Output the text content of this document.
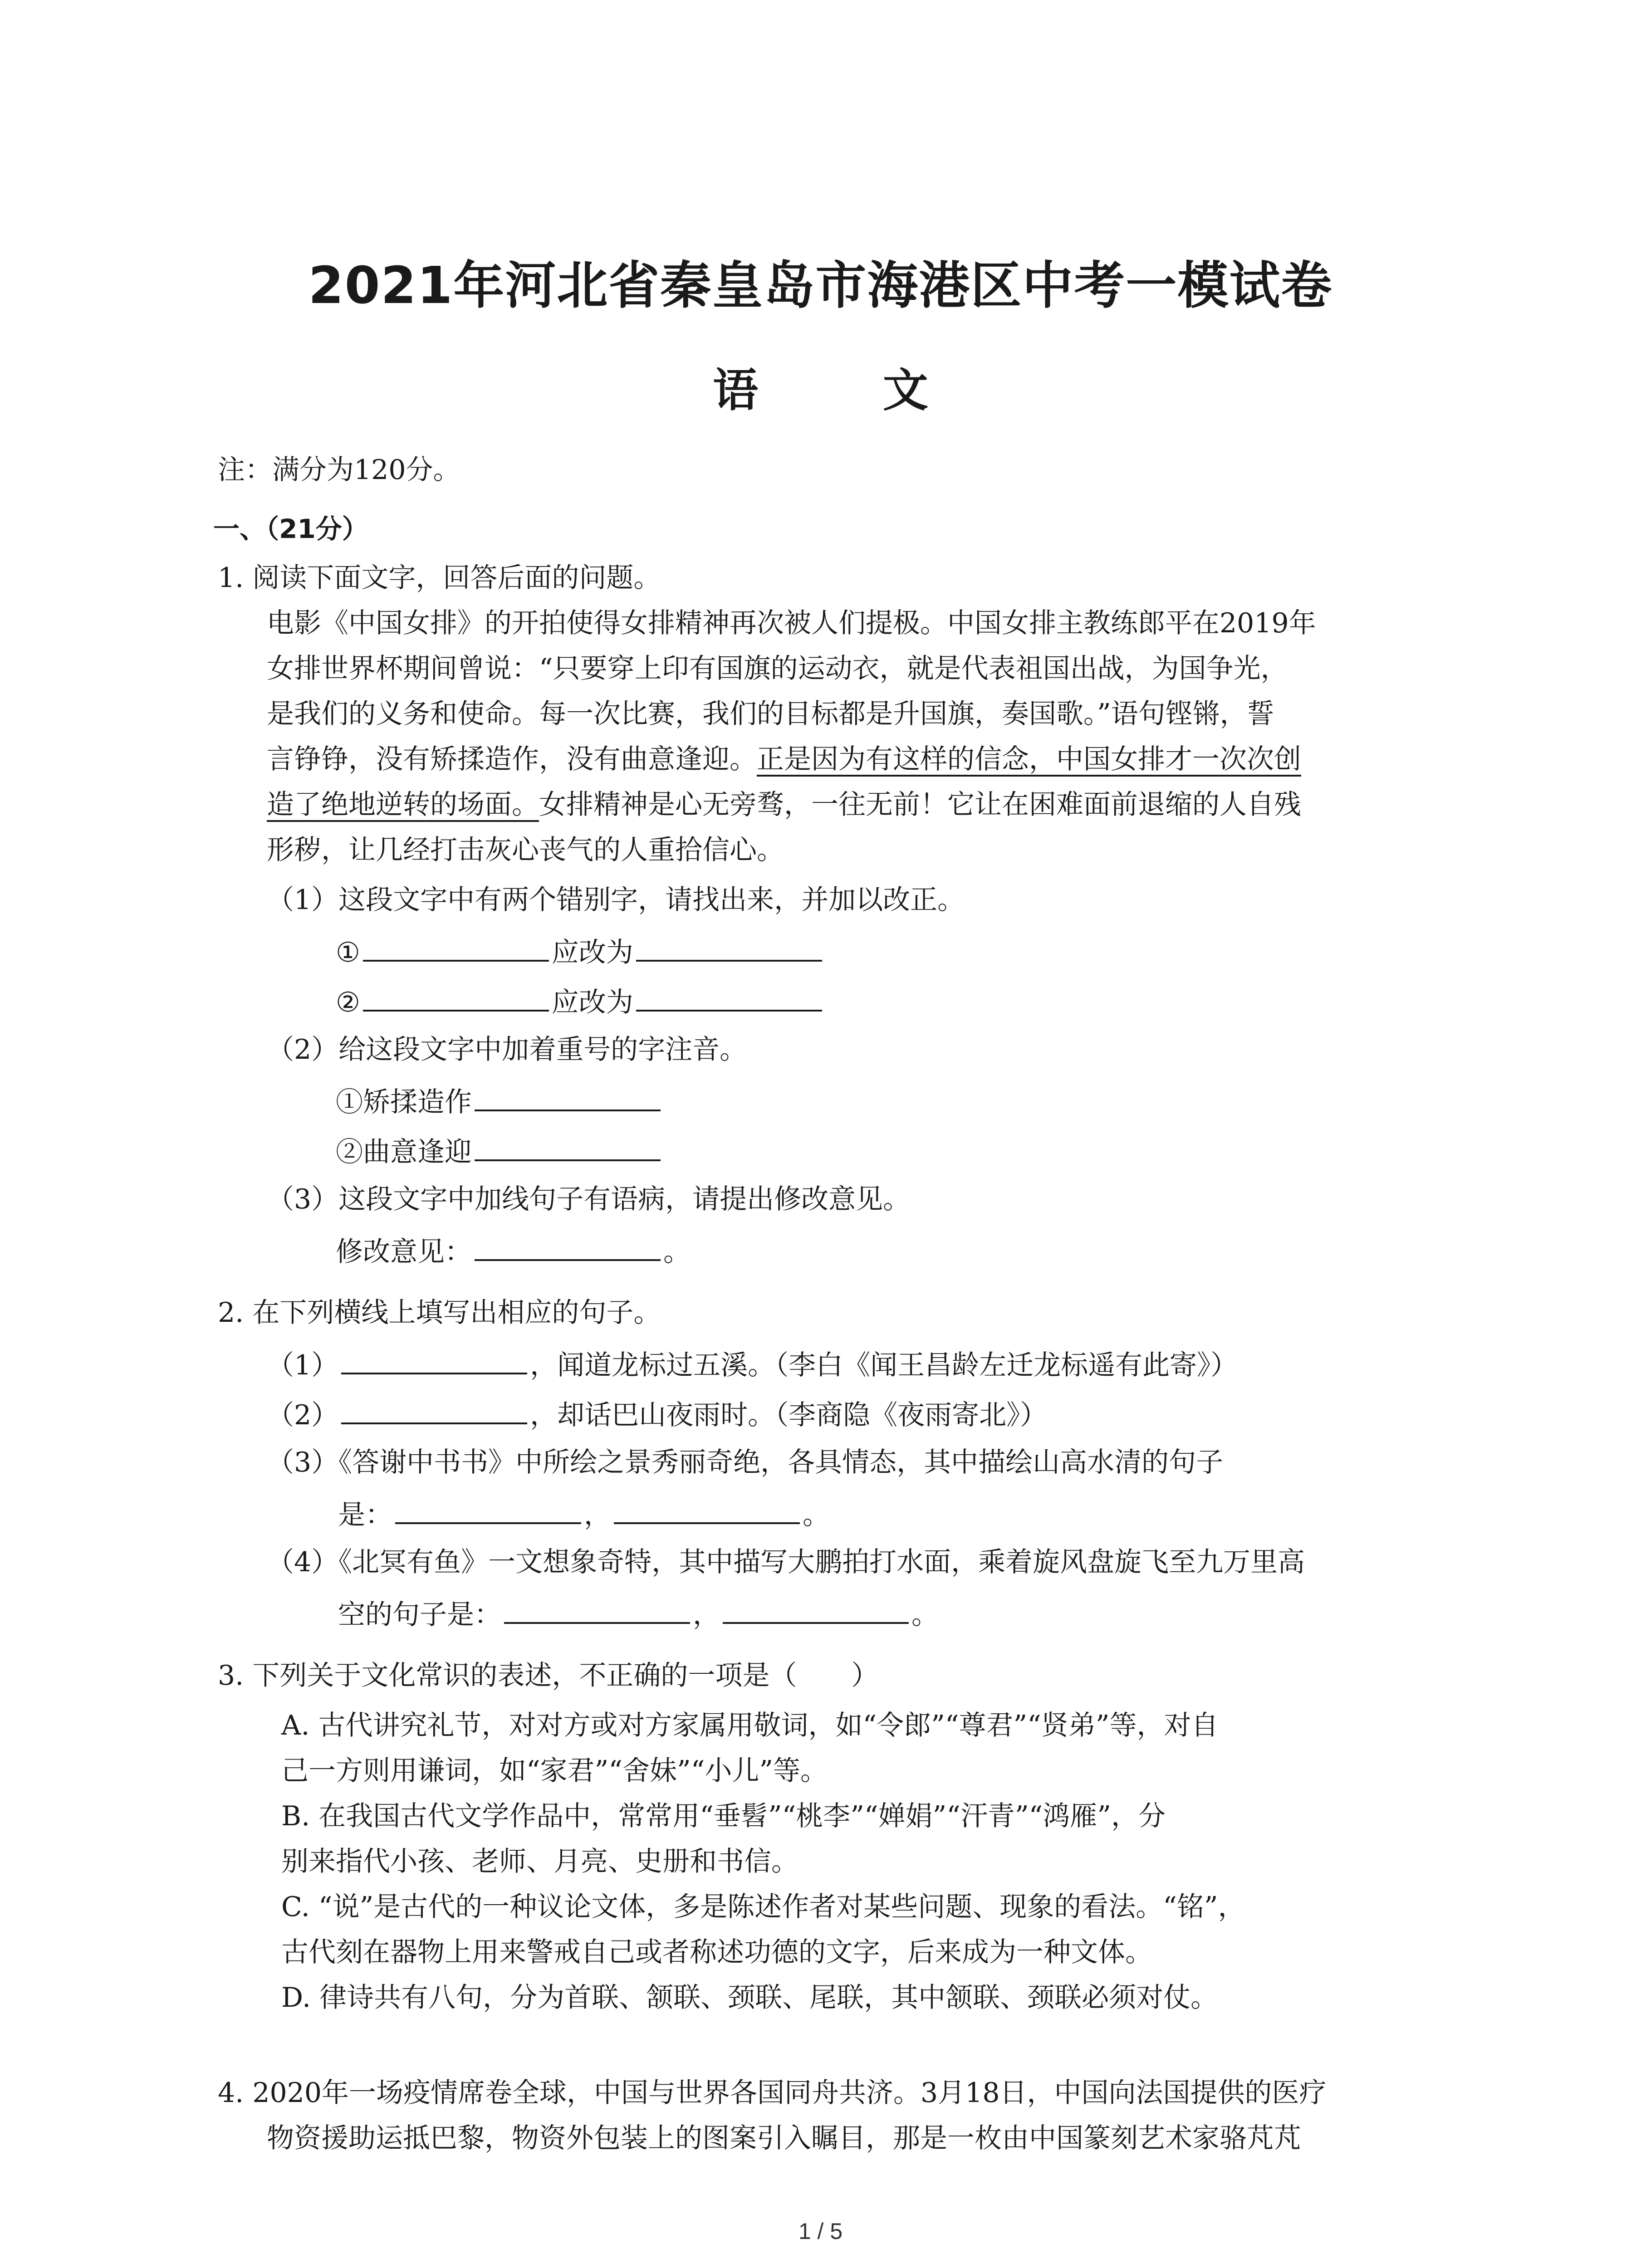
2021年河北省秦皇岛市海港区中考一模试卷
语 文

注：满分为120分。

一、（21分）

1. 阅读下面文字，回答后面的问题。

电影《中国女排》的开拍使得女排精神再次被人们提极。中国女排主教练郎平在2019年

女排世界杯期间曾说：“只要穿上印有国旗的运动衣，就是代表祖国出战，为国争光，

是我们的义务和使命。每一次比赛，我们的目标都是升国旗，奏国歌。”语句铿锵，誓

言铮铮，没有矫揉造作，没有曲意逢迎。正是因为有这样的信念，中国女排才一次次创

造了绝地逆转的场面。女排精神是心无旁骛，一往无前！它让在困难面前退缩的人自残

形秽，让几经打击灰心丧气的人重拾信心。

（1）这段文字中有两个错别字，请找出来，并加以改正。

①	应改为

②	应改为

（2）给这段文字中加着重号的字注音。

①矫揉造作

②曲意逢迎

（3）这段文字中加线句子有语病，请提出修改意见。

修改意见：	。

2. 在下列横线上填写出相应的句子。

（1）	，闻道龙标过五溪。（李白《闻王昌龄左迁龙标遥有此寄》）

（2）	，却话巴山夜雨时。（李商隐《夜雨寄北》）

（3）《答谢中书书》中所绘之景秀丽奇绝，各具情态，其中描绘山高水清的句子

是：	，	。

（4）《北冥有鱼》一文想象奇特，其中描写大鹏拍打水面，乘着旋风盘旋飞至九万里高

空的句子是：	，	。

3. 下列关于文化常识的表述，不正确的一项是（　　）

A. 古代讲究礼节，对对方或对方家属用敬词，如“令郎”“尊君”“贤弟”等，对自

己一方则用谦词，如“家君”“舍妹”“小儿”等。

B. 在我国古代文学作品中，常常用“垂髫”“桃李”“婵娟”“汗青”“鸿雁”，分

别来指代小孩、老师、月亮、史册和书信。

C. “说”是古代的一种议论文体，多是陈述作者对某些问题、现象的看法。“铭”，

古代刻在器物上用来警戒自己或者称述功德的文字，后来成为一种文体。

D. 律诗共有八句，分为首联、颔联、颈联、尾联，其中颔联、颈联必须对仗。

4. 2020年一场疫情席卷全球，中国与世界各国同舟共济。3月18日，中国向法国提供的医疗

物资援助运抵巴黎，物资外包装上的图案引入瞩目，那是一枚由中国篆刻艺术家骆芃芃

1 / 5
